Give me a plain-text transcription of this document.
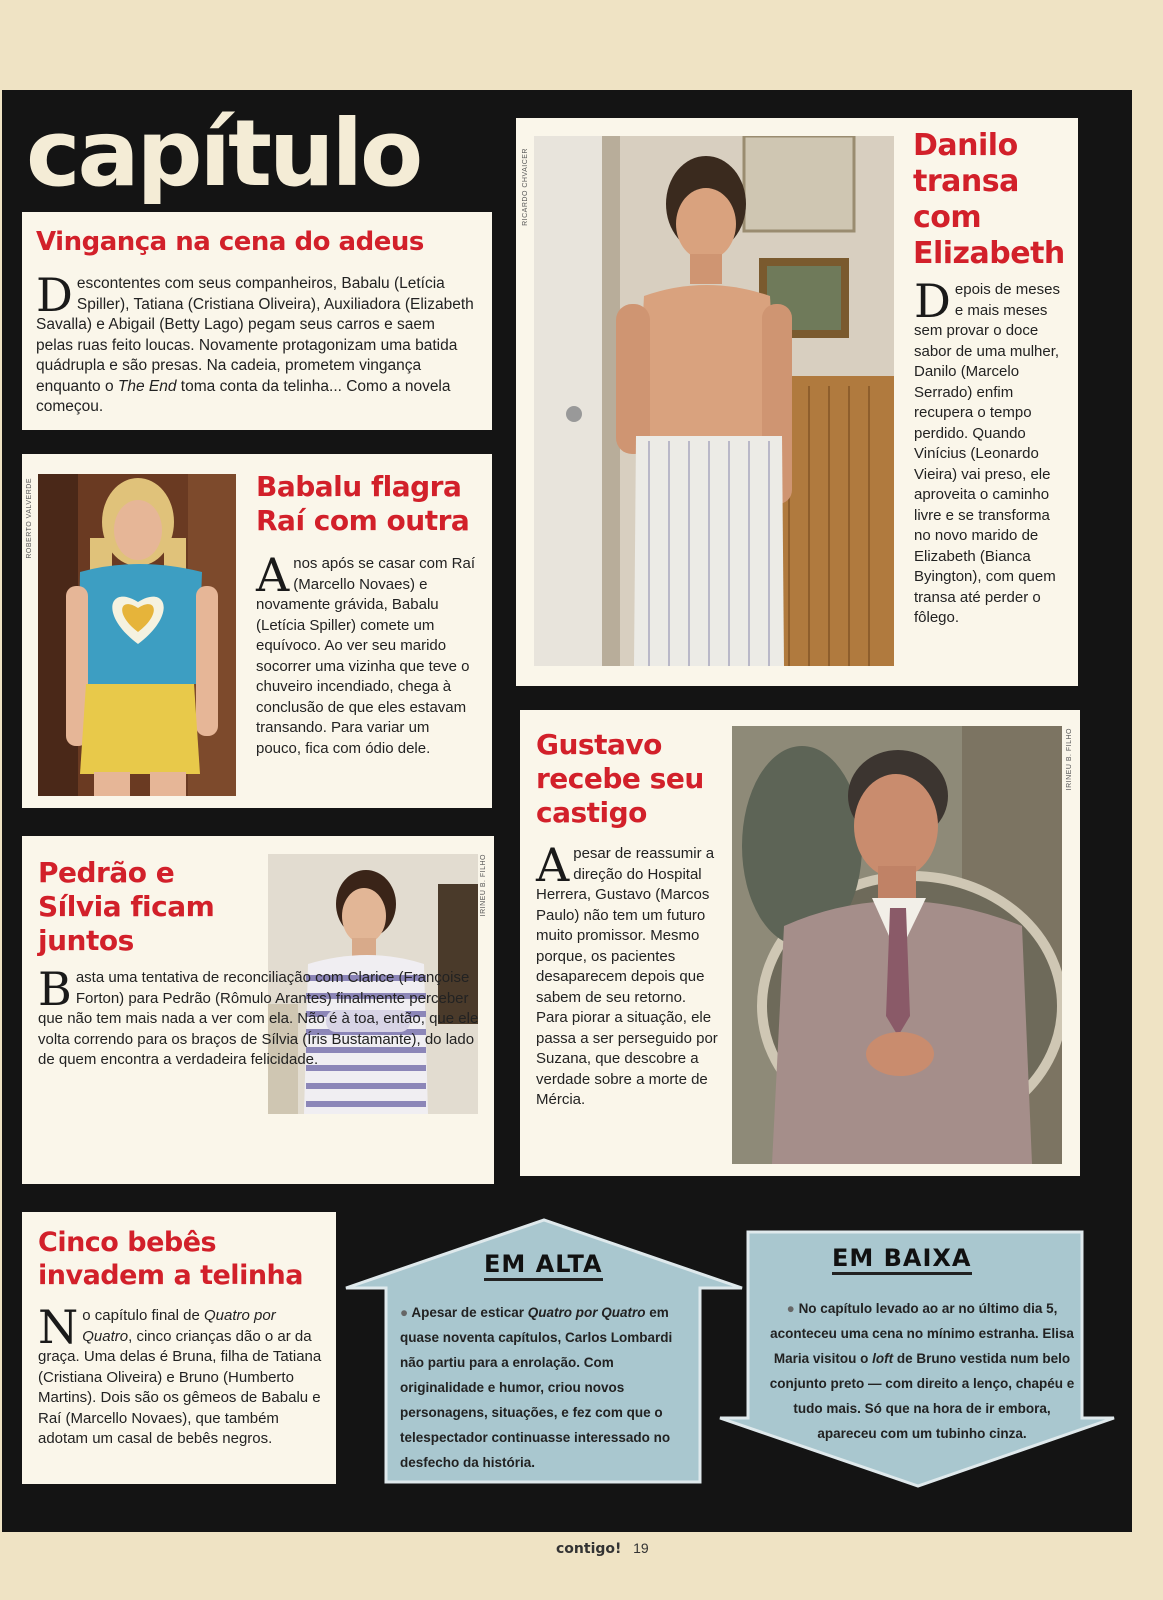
capítulo
Vingança na cena do adeus

Descontentes com seus companheiros, Babalu (Letícia Spiller), Tatiana (Cristiana Oliveira), Auxiliadora (Elizabeth Savalla) e Abigail (Betty Lago) pegam seus carros e saem pelas ruas feito loucas. Novamente protagonizam uma batida quádrupla e são presas. Na cadeia, prometem vingança enquanto o The End toma conta da telinha... Como a novela começou.

RICARDO CHVAICER
Danilo
transa
com
Elizabeth

Depois de meses e mais meses sem provar o doce sabor de uma mulher, Danilo (Marcelo Serrado) enfim recupera o tempo perdido. Quando Vinícius (Leonardo Vieira) vai preso, ele aproveita o caminho livre e se transforma no novo marido de Elizabeth (Bianca Byington), com quem transa até perder o fôlego.

ROBERTO VALVERDE	Babalu flagra
Raí com outra

Anos após se casar com Raí (Marcello Novaes) e novamente grávida, Babalu (Letícia Spiller) comete um equívoco. Ao ver seu marido socorrer uma vizinha que teve o chuveiro incendiado, chega à conclusão de que eles estavam transando. Para variar um pouco, fica com ódio dele.	Gustavo
recebe seu
castigo

Apesar de reassumir a direção do Hospital Herrera, Gustavo (Marcos Paulo) não tem um futuro muito promissor. Mesmo porque, os pacientes desaparecem depois que sabem de seu retorno. Para piorar a situação, ele passa a ser perseguido por Suzana, que descobre a verdade sobre a morte de Mércia.

IRINEU B. FILHO
Pedrão e
Sílvia ficam
juntos
IRINEU B. FILHO

Basta uma tentativa de reconciliação com Clarice (Françoise Forton) para Pedrão (Rômulo Arantes) finalmente perceber que não tem mais nada a ver com ela. Não é à toa, então, que ele volta correndo para os braços de Sílvia (Íris Bustamante), do lado de quem encontra a verdadeira felicidade.

Cinco bebês
invadem a telinha

No capítulo final de Quatro por Quatro, cinco crianças dão o ar da graça. Uma delas é Bruna, filha de Tatiana (Cristiana Oliveira) e Bruno (Humberto Martins). Dois são os gêmeos de Babalu e Raí (Marcello Novaes), que também adotam um casal de bebês negros.

EM ALTA

● Apesar de esticar Quatro por Quatro em quase noventa capítulos, Carlos Lombardi não partiu para a enrolação. Com originalidade e humor, criou novos personagens, situações, e fez com que o telespectador continuasse interessado no desfecho da história.

EM BAIXA

● No capítulo levado ao ar no último dia 5, aconteceu uma cena no mínimo estranha. Elisa Maria visitou o loft de Bruno vestida num belo conjunto preto — com direito a lenço, chapéu e tudo mais. Só que na hora de ir embora, apareceu com um tubinho cinza.

contigo! 19
